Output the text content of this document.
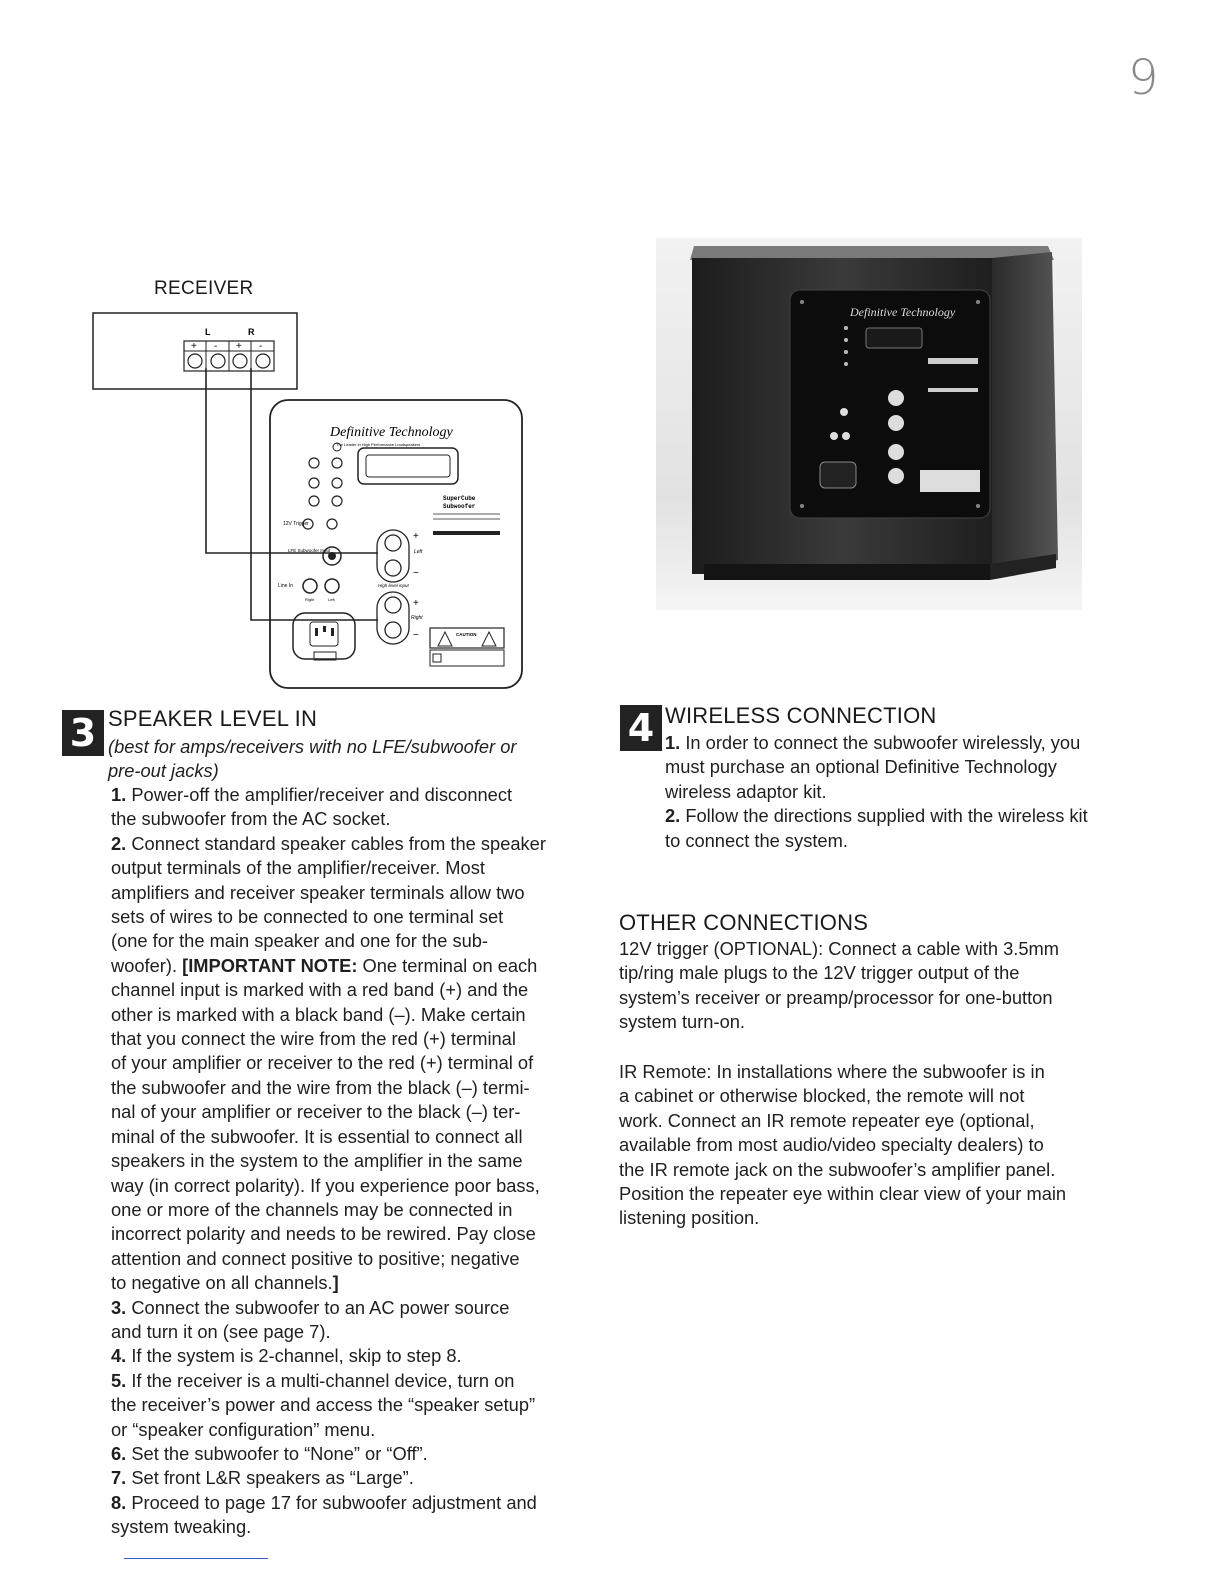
9
RECEIVER
L	R
+ - + -
Definitive Technology
The Leader in High Performance Loudspeakers
SuperCube
Subwoofer
12V Trigger
LFE Subwoofer Input
Line In
Right	Left
+
−
Left
High level input
+
−
Right
CAUTION
Definitive Technology
3 SPEAKER LEVEL IN

(best for amps/receivers with no LFE/subwoofer or

pre-out jacks)

1. Power-off the amplifier/receiver and disconnect

the subwoofer from the AC socket.

2. Connect standard speaker cables from the speaker

output terminals of the amplifier/receiver. Most

amplifiers and receiver speaker terminals allow two

sets of wires to be connected to one terminal set

(one for the main speaker and one for the sub-

woofer). [IMPORTANT NOTE: One terminal on each

channel input is marked with a red band (+) and the

other is marked with a black band (–). Make certain

that you connect the wire from the red (+) terminal

of your amplifier or receiver to the red (+) terminal of

the subwoofer and the wire from the black (–) termi-

nal of your amplifier or receiver to the black (–) ter-

minal of the subwoofer. It is essential to connect all

speakers in the system to the amplifier in the same

way (in correct polarity). If you experience poor bass,

one or more of the channels may be connected in

incorrect polarity and needs to be rewired. Pay close

attention and connect positive to positive; negative

to negative on all channels.]

3. Connect the subwoofer to an AC power source

and turn it on (see page 7).

4. If the system is 2-channel, skip to step 8.

5. If the receiver is a multi-channel device, turn on

the receiver’s power and access the “speaker setup”

or “speaker configuration” menu.

6. Set the subwoofer to “None” or “Off”.

7. Set front L&R speakers as “Large”.

8. Proceed to page 17 for subwoofer adjustment and

system tweaking.

4 WIRELESS CONNECTION

1. In order to connect the subwoofer wirelessly, you

must purchase an optional Definitive Technology

wireless adaptor kit.

2. Follow the directions supplied with the wireless kit

to connect the system.

OTHER CONNECTIONS

12V trigger (OPTIONAL): Connect a cable with 3.5mm

tip/ring male plugs to the 12V trigger output of the

system’s receiver or preamp/processor for one-button

system turn-on.

IR Remote: In installations where the subwoofer is in

a cabinet or otherwise blocked, the remote will not

work. Connect an IR remote repeater eye (optional,

available from most audio/video specialty dealers) to

the IR remote jack on the subwoofer’s amplifier panel.

Position the repeater eye within clear view of your main

listening position.
